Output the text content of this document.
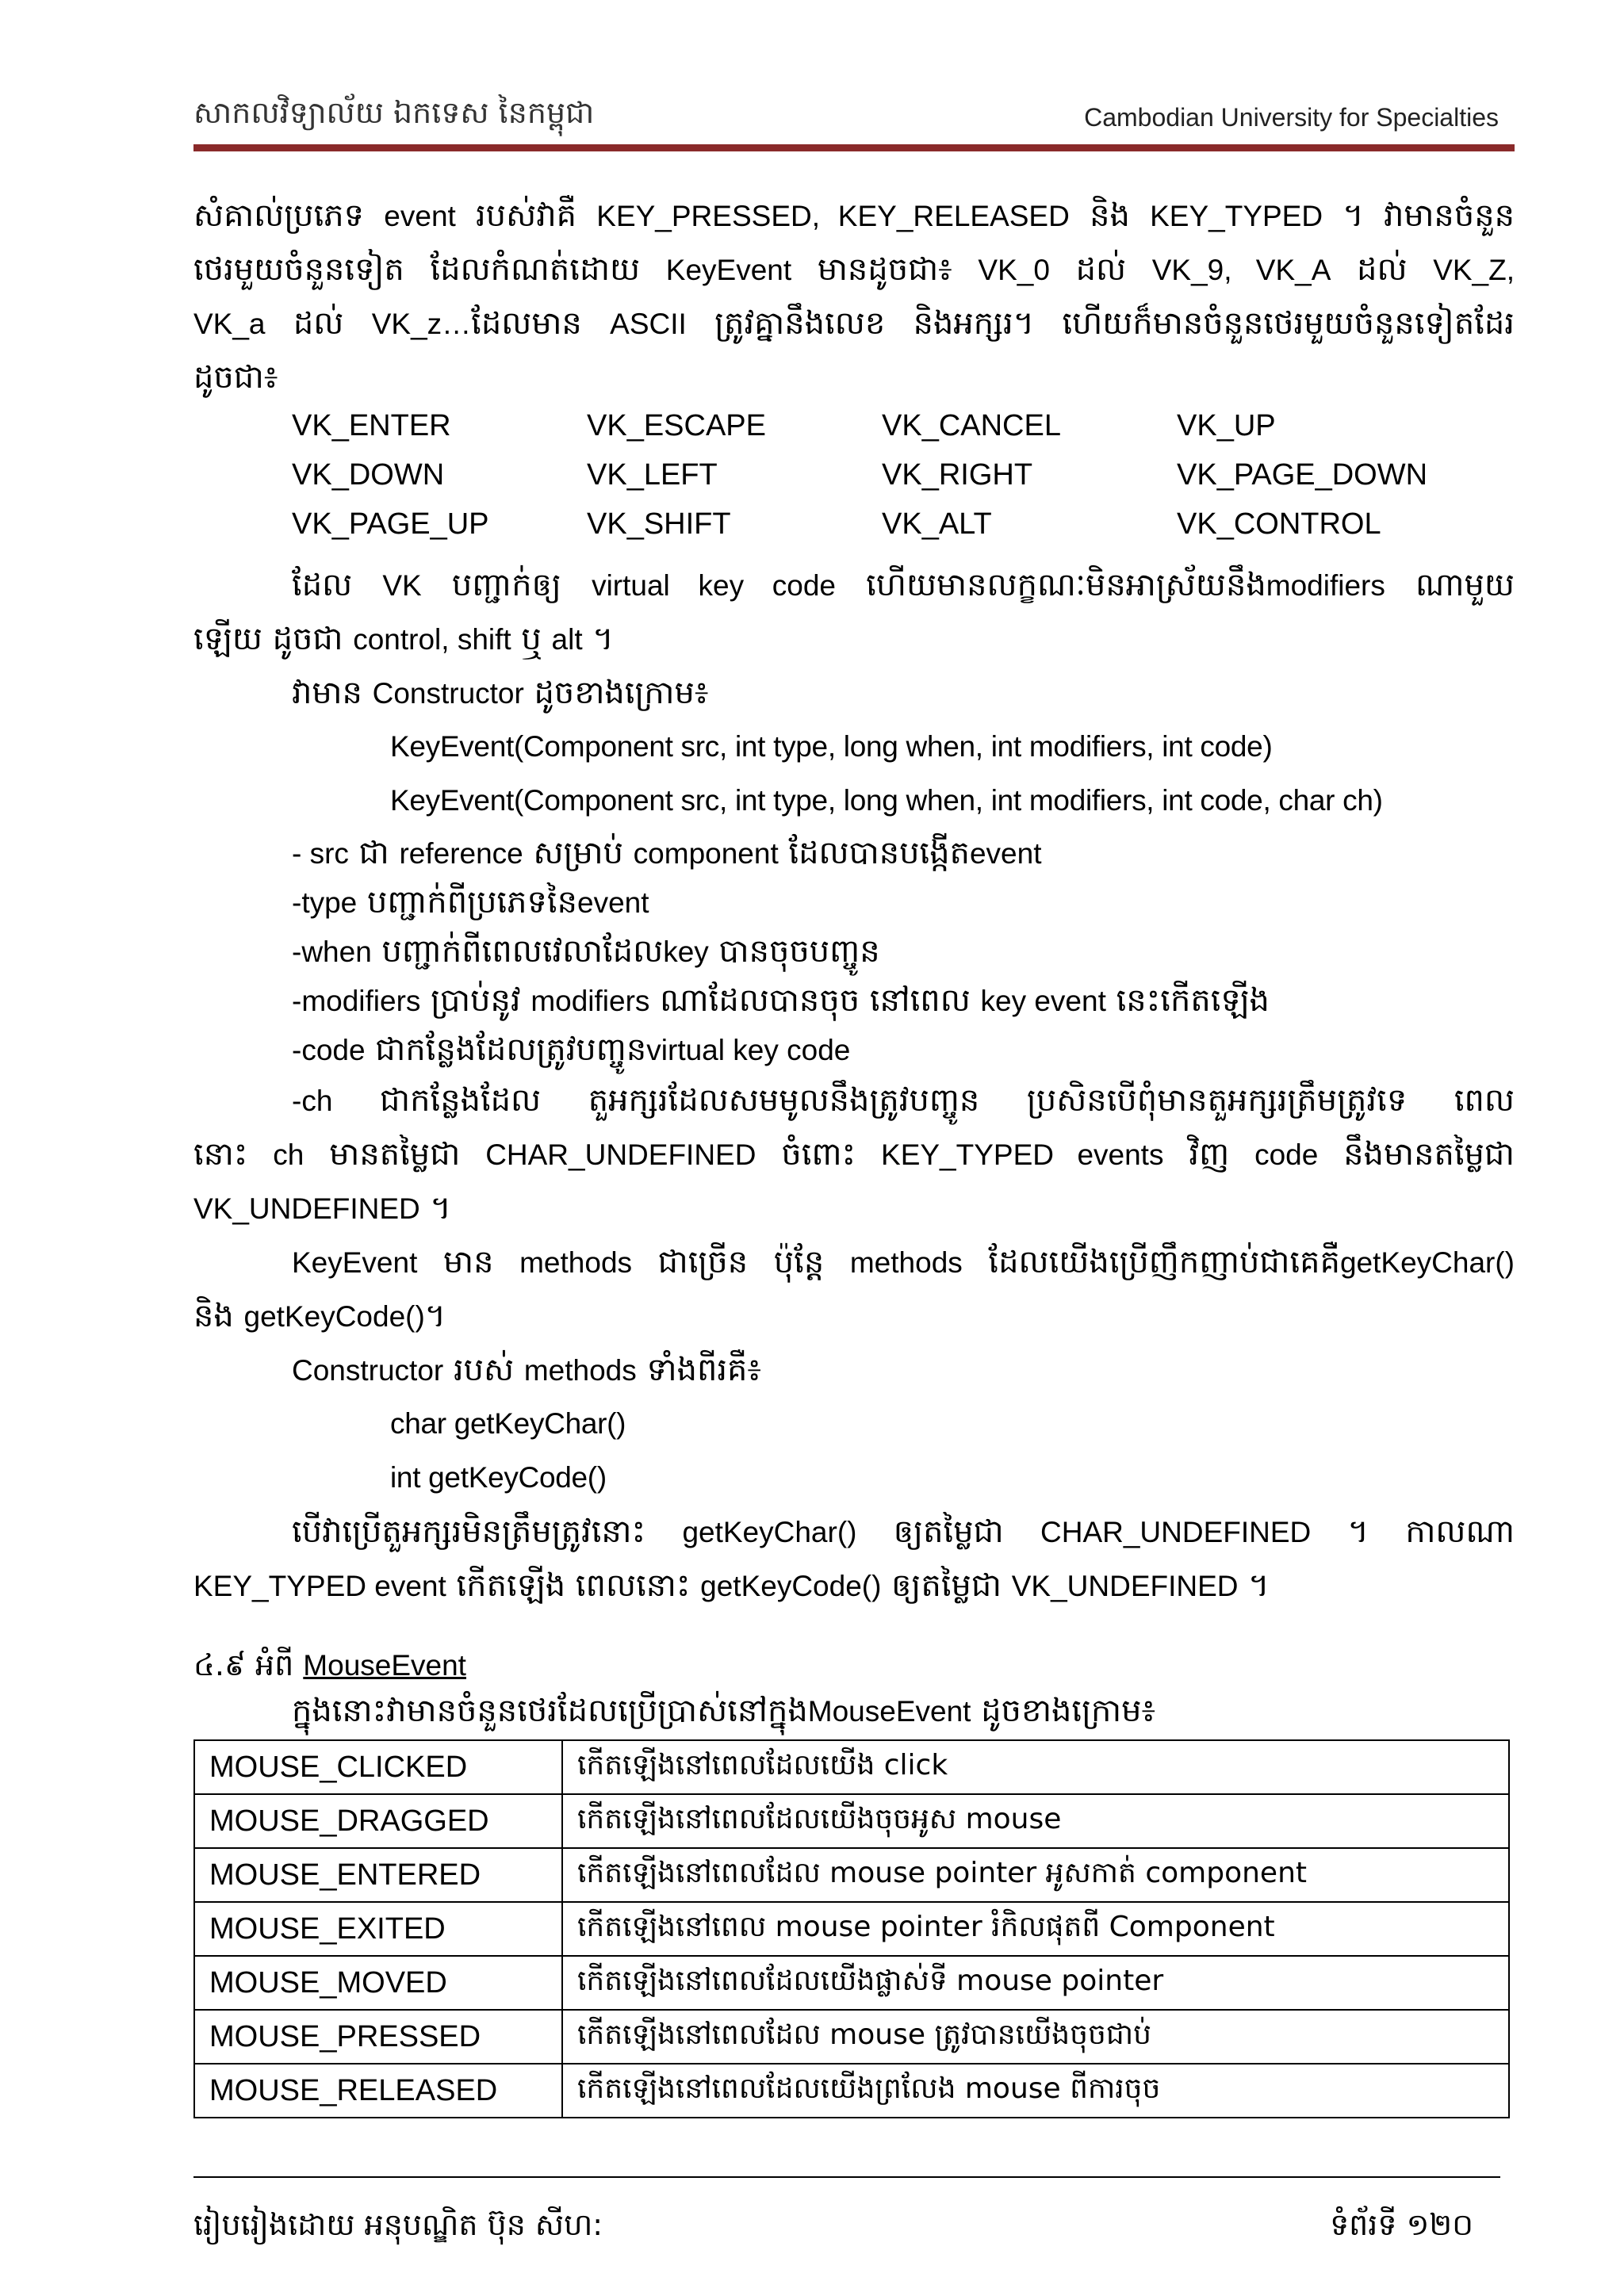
សាកលវិទ្យាល័យ ឯកទេស នៃកម្ពុជា	Cambodian University for Specialties
សំគាល់ប្រភេទ event របស់វាគឺ KEY_PRESSED, KEY_RELEASED និង KEY_TYPED ។ វាមានចំនួន
ថេរមួយចំនួនទៀត ដែលកំណត់ដោយ KeyEvent មានដូចជា៖ VK_0 ដល់ VK_9, VK_A ដល់ VK_Z,
VK_a ដល់ VK_z…ដែលមាន ASCII ត្រូវគ្នានឹងលេខ និងអក្សរ។ ហើយក៏មានចំនួនថេរមួយចំនួនទៀតដែរ
ដូចជា៖
VK_ENTER	VK_ESCAPE	VK_CANCEL	VK_UP
VK_DOWN	VK_LEFT	VK_RIGHT	VK_PAGE_DOWN
VK_PAGE_UP	VK_SHIFT	VK_ALT	VK_CONTROL
ដែល VK បញ្ជាក់ឲ្យ virtual key code ហើយមានលក្ខណៈមិនអាស្រ័យនឹងmodifiers ណាមួយ
ឡើយ ដូចជា control, shift ឬ alt ។
វាមាន Constructor ដូចខាងក្រោម៖
KeyEvent(Component src, int type, long when, int modifiers, int code)
KeyEvent(Component src, int type, long when, int modifiers, int code, char ch)
- src ជា reference សម្រាប់ component ដែលបានបង្កើតevent
-type បញ្ជាក់ពីប្រភេទនៃevent
-when បញ្ជាក់ពីពេលវេលាដែលkey បានចុចបញ្ចូន
-modifiers ប្រាប់នូវ modifiers ណាដែលបានចុច នៅពេល key event នេះកើតឡើង
-code ជាកន្លែងដែលត្រូវបញ្ចូនvirtual key code
-ch ជាកន្លែងដែល តួអក្សរដែលសមមូលនឹងត្រូវបញ្ចូន ប្រសិនបើពុំមានតួអក្សរត្រឹមត្រូវទេ ពេល
នោះ ch មានតម្លៃជា CHAR_UNDEFINED ចំពោះ KEY_TYPED events វិញ code នឹងមានតម្លៃជា
VK_UNDEFINED ។
KeyEvent មាន methods ជាច្រើន ប៉ុន្តែ methods ដែលយើងប្រើញឹកញាប់ជាគេគឺgetKeyChar()
និង getKeyCode()។
Constructor របស់ methods ទាំងពីរគឺ៖
char getKeyChar()
int getKeyCode()
បើវាប្រើតួអក្សរមិនត្រឹមត្រូវនោះ getKeyChar() ឲ្យតម្លៃជា CHAR_UNDEFINED ។ កាលណា
KEY_TYPED event កើតឡើង ពេលនោះ getKeyCode() ឲ្យតម្លៃជា VK_UNDEFINED ។
៤.៩ អំពី MouseEvent
ក្នុងនោះវាមានចំនួនថេរដែលប្រើប្រាស់នៅក្នុងMouseEvent ដូចខាងក្រោម៖
MOUSE_CLICKED	កើតឡើងនៅពេលដែលយើង click
MOUSE_DRAGGED	កើតឡើងនៅពេលដែលយើងចុចអូស mouse
MOUSE_ENTERED	កើតឡើងនៅពេលដែល mouse pointer អូសកាត់ component
MOUSE_EXITED	កើតឡើងនៅពេល mouse pointer រំកិលផុតពី Component
MOUSE_MOVED	កើតឡើងនៅពេលដែលយើងផ្លាស់ទី mouse pointer
MOUSE_PRESSED	កើតឡើងនៅពេលដែល mouse ត្រូវបានយើងចុចជាប់
MOUSE_RELEASED	កើតឡើងនៅពេលដែលយើងព្រលែង mouse ពីការចុច
រៀបរៀងដោយ អនុបណ្ឌិត ប៊ុន សីហ:	ទំព័រទី ១២០
